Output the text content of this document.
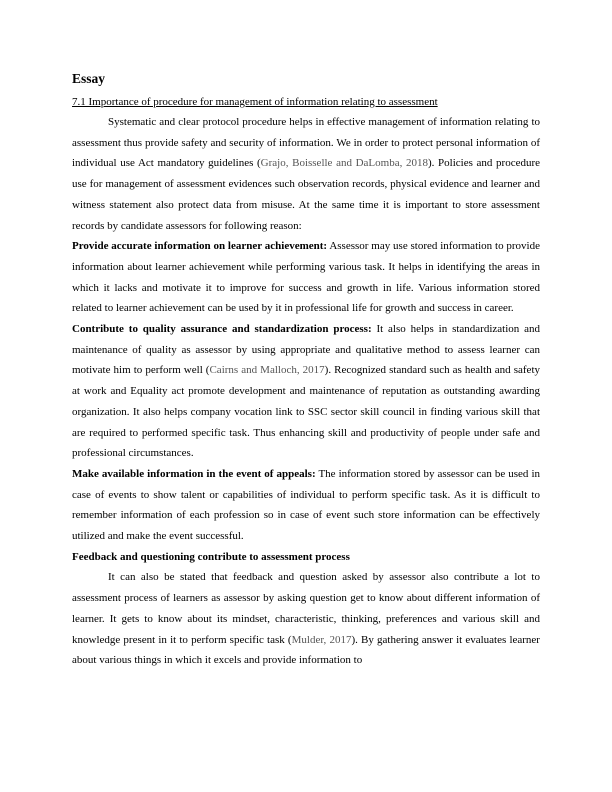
Essay
7.1 Importance of procedure for management of information relating to assessment

Systematic and clear protocol procedure helps in effective management of information relating to assessment thus provide safety and security of information. We in order to protect personal information of individual use Act mandatory guidelines (Grajo, Boisselle and DaLomba, 2018). Policies and procedure use for management of assessment evidences such observation records, physical evidence and learner and witness statement also protect data from misuse. At the same time it is important to store assessment records by candidate assessors for following reason:

Provide accurate information on learner achievement: Assessor may use stored information to provide information about learner achievement while performing various task. It helps in identifying the areas in which it lacks and motivate it to improve for success and growth in life. Various information stored related to learner achievement can be used by it in professional life for growth and success in career.

Contribute to quality assurance and standardization process: It also helps in standardization and maintenance of quality as assessor by using appropriate and qualitative method to assess learner can motivate him to perform well (Cairns and Malloch, 2017). Recognized standard such as health and safety at work and Equality act promote development and maintenance of reputation as outstanding awarding organization. It also helps company vocation link to SSC sector skill council in finding various skill that are required to performed specific task. Thus enhancing skill and productivity of people under safe and professional circumstances.

Make available information in the event of appeals: The information stored by assessor can be used in case of events to show talent or capabilities of individual to perform specific task. As it is difficult to remember information of each profession so in case of event such store information can be effectively utilized and make the event successful.

Feedback and questioning contribute to assessment process

It can also be stated that feedback and question asked by assessor also contribute a lot to assessment process of learners as assessor by asking question get to know about different information of learner. It gets to know about its mindset, characteristic, thinking, preferences and various skill and knowledge present in it to perform specific task (Mulder, 2017). By gathering answer it evaluates learner about various things in which it excels and provide information to
